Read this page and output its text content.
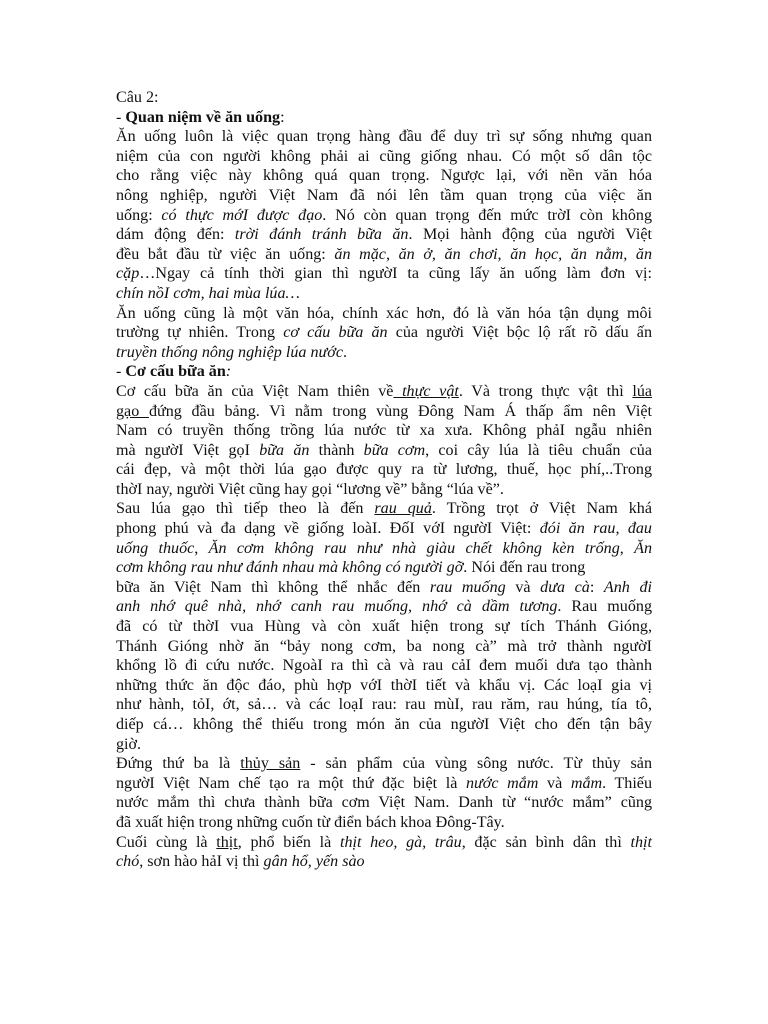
Câu 2:
- Quan niệm về ăn uống:
Ăn uống luôn là việc quan trọng hàng đầu để duy trì sự sống nhưng quan
niệm của con người không phải ai cũng giống nhau. Có một số dân tộc
cho rằng việc này không quá quan trọng. Ngược lại, với nền văn hóa
nông nghiệp, người Việt Nam đã nói lên tầm quan trọng của việc ăn
uống: có thực mớI được đạo. Nó còn quan trọng đến mức trờI còn không
dám động đến: trời đánh tránh bữa ăn. Mọi hành động của người Việt
đều bắt đầu từ việc ăn uống: ăn mặc, ăn ở, ăn chơi, ăn học, ăn nằm, ăn
cặp…Ngay cả tính thời gian thì ngườI ta cũng lấy ăn uống làm đơn vị:
chín nồI cơm, hai mùa lúa…
Ăn uống cũng là một văn hóa, chính xác hơn, đó là văn hóa tận dụng môi
trường tự nhiên. Trong cơ cấu bữa ăn của người Việt bộc lộ rất rõ dấu ấn
truyền thống nông nghiệp lúa nước.
- Cơ cấu bữa ăn:
Cơ cấu bữa ăn của Việt Nam thiên về thực vật. Và trong thực vật thì lúa
gạo đứng đầu bảng. Vì nằm trong vùng Đông Nam Á thấp ẩm nên Việt
Nam có truyền thống trồng lúa nước từ xa xưa. Không phảI ngẫu nhiên
mà ngườI Việt gọI bữa ăn thành bữa cơm, coi cây lúa là tiêu chuẩn của
cái đẹp, và một thời lúa gạo được quy ra từ lương, thuế, học phí,..Trong
thờI nay, người Việt cũng hay gọi “lương về” bằng “lúa về”.
Sau lúa gạo thì tiếp theo là đến rau quả. Trồng trọt ở Việt Nam khá
phong phú và đa dạng về giống loàI. ĐốI vớI ngườI Việt: đói ăn rau, đau
uống thuốc, Ăn cơm không rau như nhà giàu chết không kèn trống, Ăn
cơm không rau như đánh nhau mà không có người gỡ. Nói đến rau trong
bữa ăn Việt Nam thì không thể nhắc đến rau muống và dưa cà: Anh đi
anh nhớ quê nhà, nhớ canh rau muống, nhớ cà dầm tương. Rau muống
đã có từ thờI vua Hùng và còn xuất hiện trong sự tích Thánh Gióng,
Thánh Gióng nhờ ăn “bảy nong cơm, ba nong cà” mà trở thành ngườI
khổng lồ đi cứu nước. NgoàI ra thì cà và rau cảI đem muối dưa tạo thành
những thức ăn độc đáo, phù hợp vớI thờI tiết và khẩu vị. Các loạI gia vị
như hành, tỏI, ớt, sả… và các loạI rau: rau mùI, rau răm, rau húng, tía tô,
diếp cá… không thể thiếu trong món ăn của ngườI Việt cho đến tận bây
giờ.
Đứng thứ ba là thủy sản - sản phẩm của vùng sông nước. Từ thủy sản
ngườI Việt Nam chế tạo ra một thứ đặc biệt là nước mắm và mắm. Thiếu
nước mắm thì chưa thành bữa cơm Việt Nam. Danh từ “nước mắm” cũng
đã xuất hiện trong những cuốn từ điển bách khoa Đông-Tây.
Cuối cùng là thịt, phổ biến là thịt heo, gà, trâu, đặc sản bình dân thì thịt
chó, sơn hào hảI vị thì gân hổ, yến sào
